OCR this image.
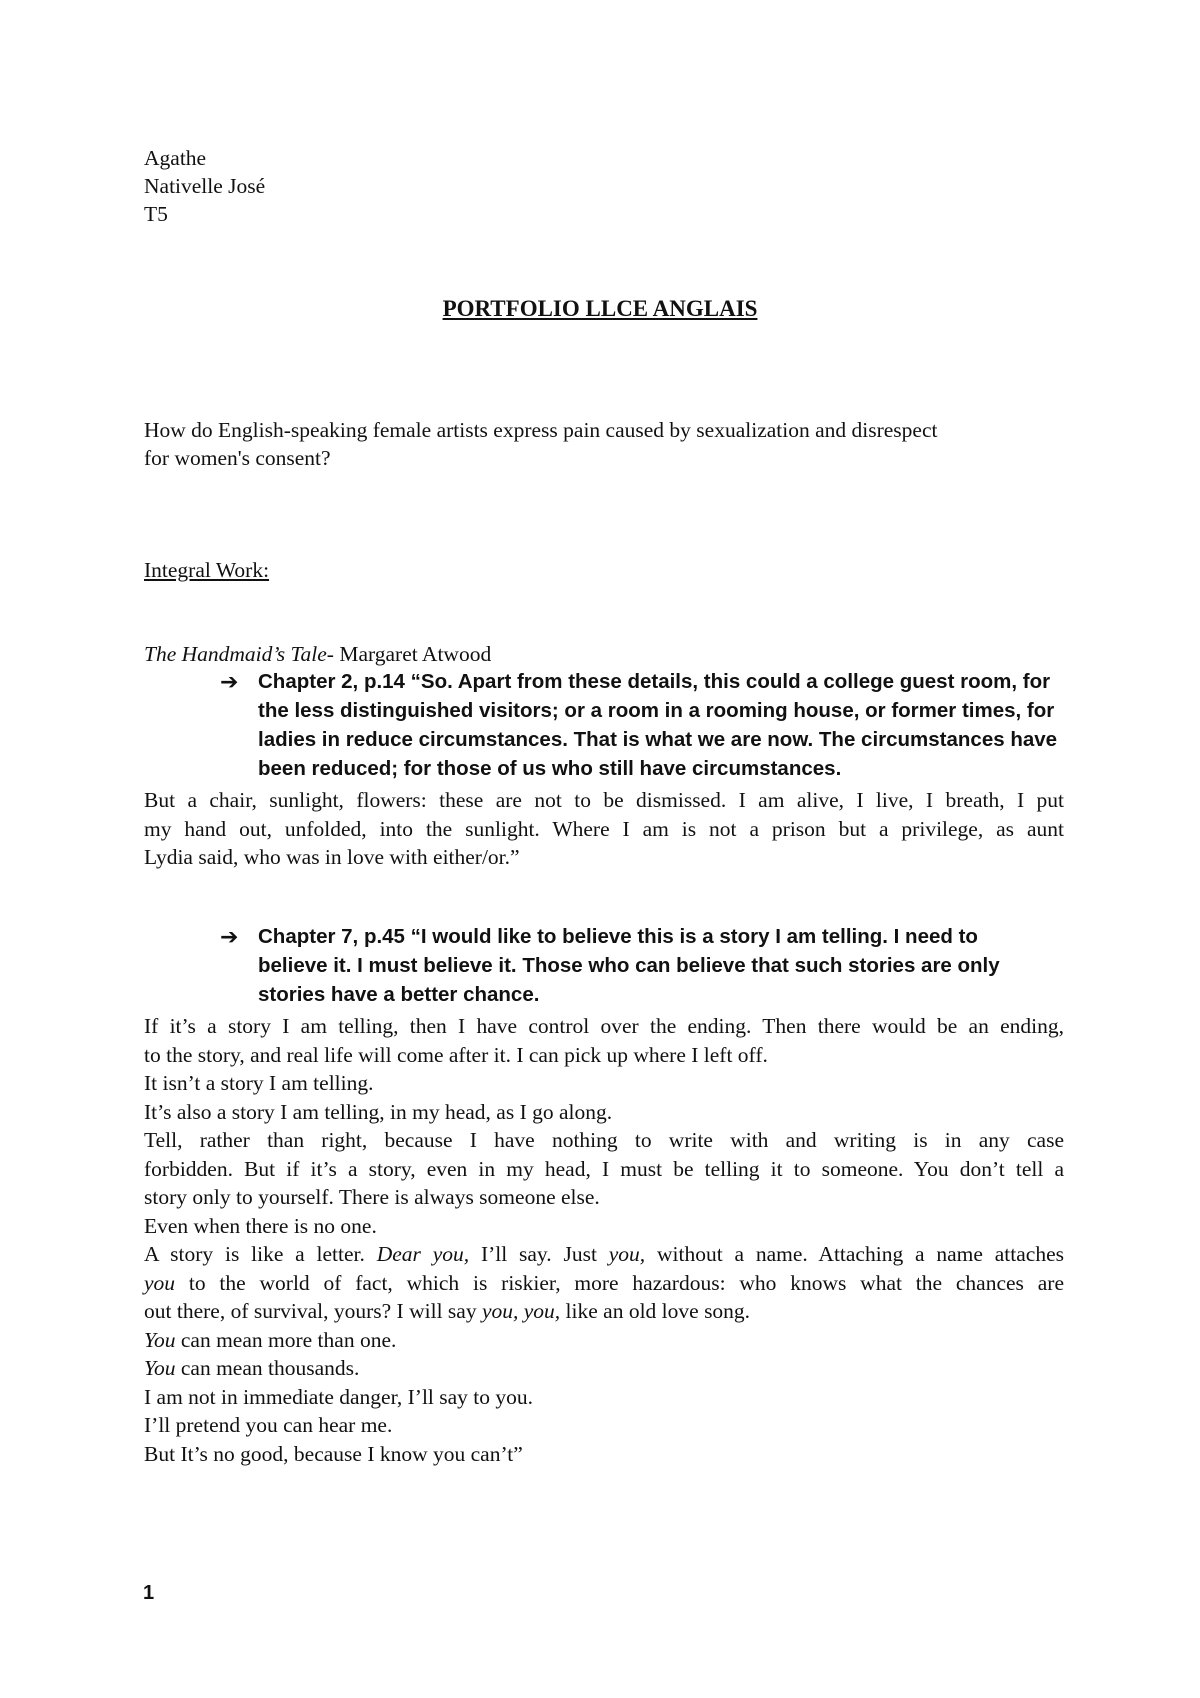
Agathe
Nativelle José
T5
PORTFOLIO LLCE ANGLAIS
How do English-speaking female artists express pain caused by sexualization and disrespect
for women's consent?
Integral Work:
The Handmaid’s Tale- Margaret Atwood
➔ Chapter 2, p.14 “So. Apart from these details, this could a college guest room, for
the less distinguished visitors; or a room in a rooming house, or former times, for
ladies in reduce circumstances. That is what we are now. The circumstances have
been reduced; for those of us who still have circumstances.
But a chair, sunlight, flowers: these are not to be dismissed. I am alive, I live, I breath, I put
my hand out, unfolded, into the sunlight. Where I am is not a prison but a privilege, as aunt
Lydia said, who was in love with either/or.”
➔ Chapter 7, p.45 “I would like to believe this is a story I am telling. I need to
believe it. I must believe it. Those who can believe that such stories are only
stories have a better chance.
If it’s a story I am telling, then I have control over the ending. Then there would be an ending,
to the story, and real life will come after it. I can pick up where I left off.
It isn’t a story I am telling.
It’s also a story I am telling, in my head, as I go along.
Tell, rather than right, because I have nothing to write with and writing is in any case
forbidden. But if it’s a story, even in my head, I must be telling it to someone. You don’t tell a
story only to yourself. There is always someone else.
Even when there is no one.
A story is like a letter. Dear you, I’ll say. Just you, without a name. Attaching a name attaches
you to the world of fact, which is riskier, more hazardous: who knows what the chances are
out there, of survival, yours? I will say you, you, like an old love song.
You can mean more than one.
You can mean thousands.
I am not in immediate danger, I’ll say to you.
I’ll pretend you can hear me.
But It’s no good, because I know you can’t”
1
